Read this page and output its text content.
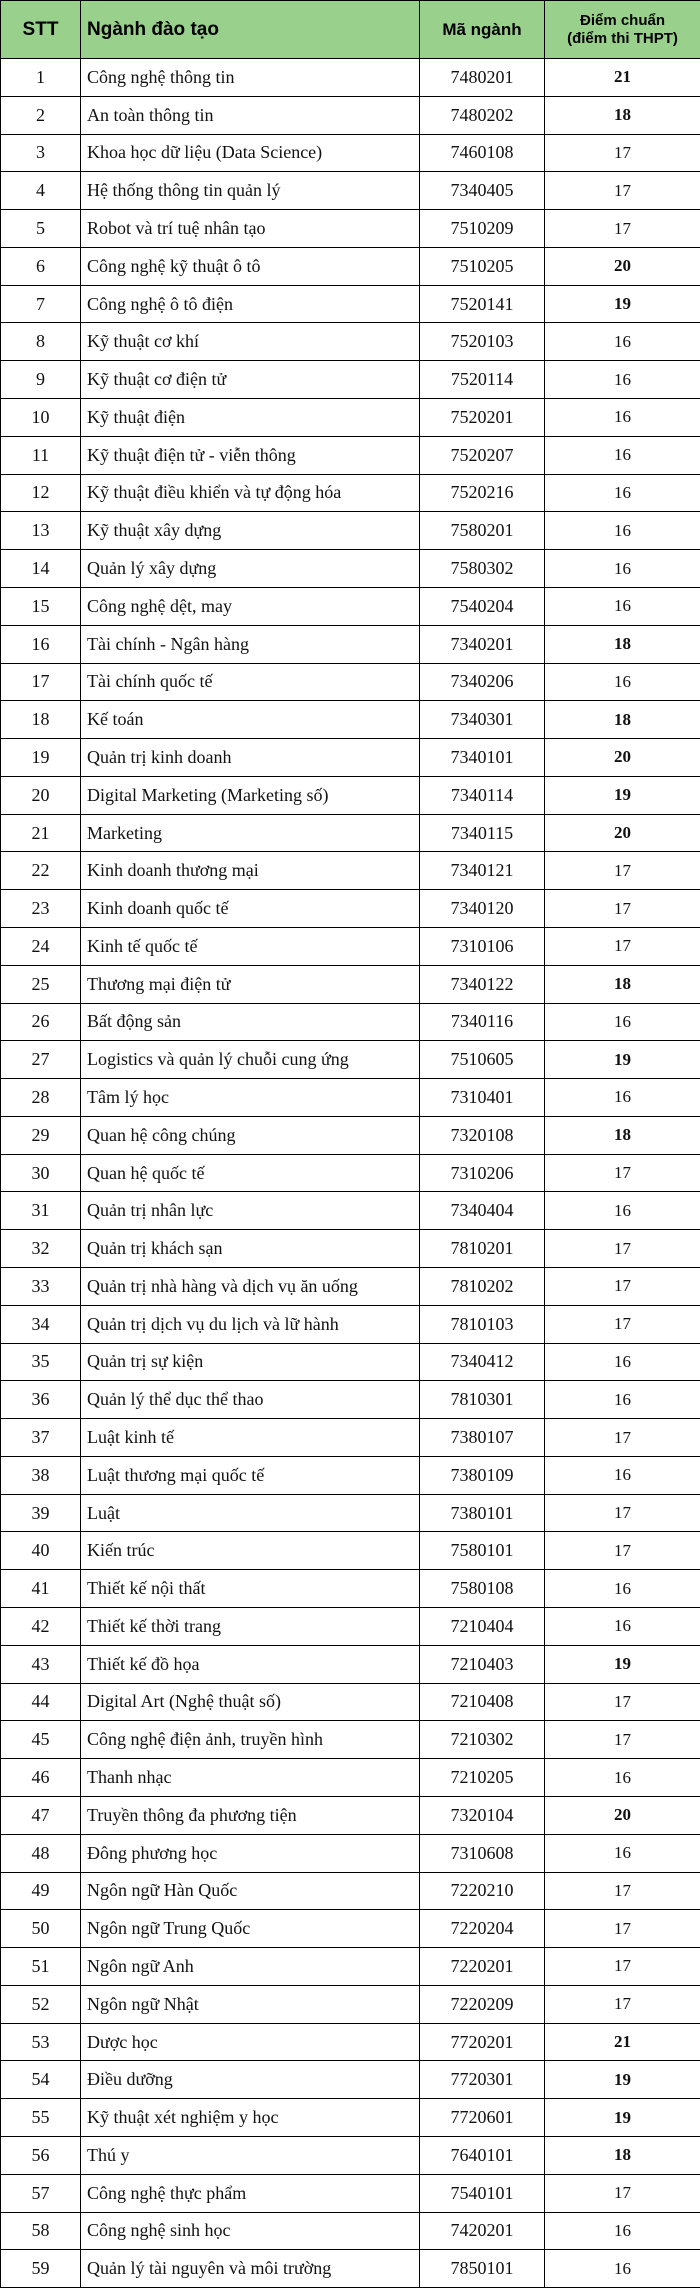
STT	Ngành đào tạo	Mã ngành	Điểm chuẩn
(điểm thi THPT)

1	Công nghệ thông tin	7480201	21
2	An toàn thông tin	7480202	18
3	Khoa học dữ liệu (Data Science)	7460108	17
4	Hệ thống thông tin quản lý	7340405	17
5	Robot và trí tuệ nhân tạo	7510209	17
6	Công nghệ kỹ thuật ô tô	7510205	20
7	Công nghệ ô tô điện	7520141	19
8	Kỹ thuật cơ khí	7520103	16
9	Kỹ thuật cơ điện tử	7520114	16
10	Kỹ thuật điện	7520201	16
11	Kỹ thuật điện tử - viễn thông	7520207	16
12	Kỹ thuật điều khiển và tự động hóa	7520216	16
13	Kỹ thuật xây dựng	7580201	16
14	Quản lý xây dựng	7580302	16
15	Công nghệ dệt, may	7540204	16
16	Tài chính - Ngân hàng	7340201	18
17	Tài chính quốc tế	7340206	16
18	Kế toán	7340301	18
19	Quản trị kinh doanh	7340101	20
20	Digital Marketing (Marketing số)	7340114	19
21	Marketing	7340115	20
22	Kinh doanh thương mại	7340121	17
23	Kinh doanh quốc tế	7340120	17
24	Kinh tế quốc tế	7310106	17
25	Thương mại điện tử	7340122	18
26	Bất động sản	7340116	16
27	Logistics và quản lý chuỗi cung ứng	7510605	19
28	Tâm lý học	7310401	16
29	Quan hệ công chúng	7320108	18
30	Quan hệ quốc tế	7310206	17
31	Quản trị nhân lực	7340404	16
32	Quản trị khách sạn	7810201	17
33	Quản trị nhà hàng và dịch vụ ăn uống	7810202	17
34	Quản trị dịch vụ du lịch và lữ hành	7810103	17
35	Quản trị sự kiện	7340412	16
36	Quản lý thể dục thể thao	7810301	16
37	Luật kinh tế	7380107	17
38	Luật thương mại quốc tế	7380109	16
39	Luật	7380101	17
40	Kiến trúc	7580101	17
41	Thiết kế nội thất	7580108	16
42	Thiết kế thời trang	7210404	16
43	Thiết kế đồ họa	7210403	19
44	Digital Art (Nghệ thuật số)	7210408	17
45	Công nghệ điện ảnh, truyền hình	7210302	17
46	Thanh nhạc	7210205	16
47	Truyền thông đa phương tiện	7320104	20
48	Đông phương học	7310608	16
49	Ngôn ngữ Hàn Quốc	7220210	17
50	Ngôn ngữ Trung Quốc	7220204	17
51	Ngôn ngữ Anh	7220201	17
52	Ngôn ngữ Nhật	7220209	17
53	Dược học	7720201	21
54	Điều dưỡng	7720301	19
55	Kỹ thuật xét nghiệm y học	7720601	19
56	Thú y	7640101	18
57	Công nghệ thực phẩm	7540101	17
58	Công nghệ sinh học	7420201	16
59	Quản lý tài nguyên và môi trường	7850101	16
